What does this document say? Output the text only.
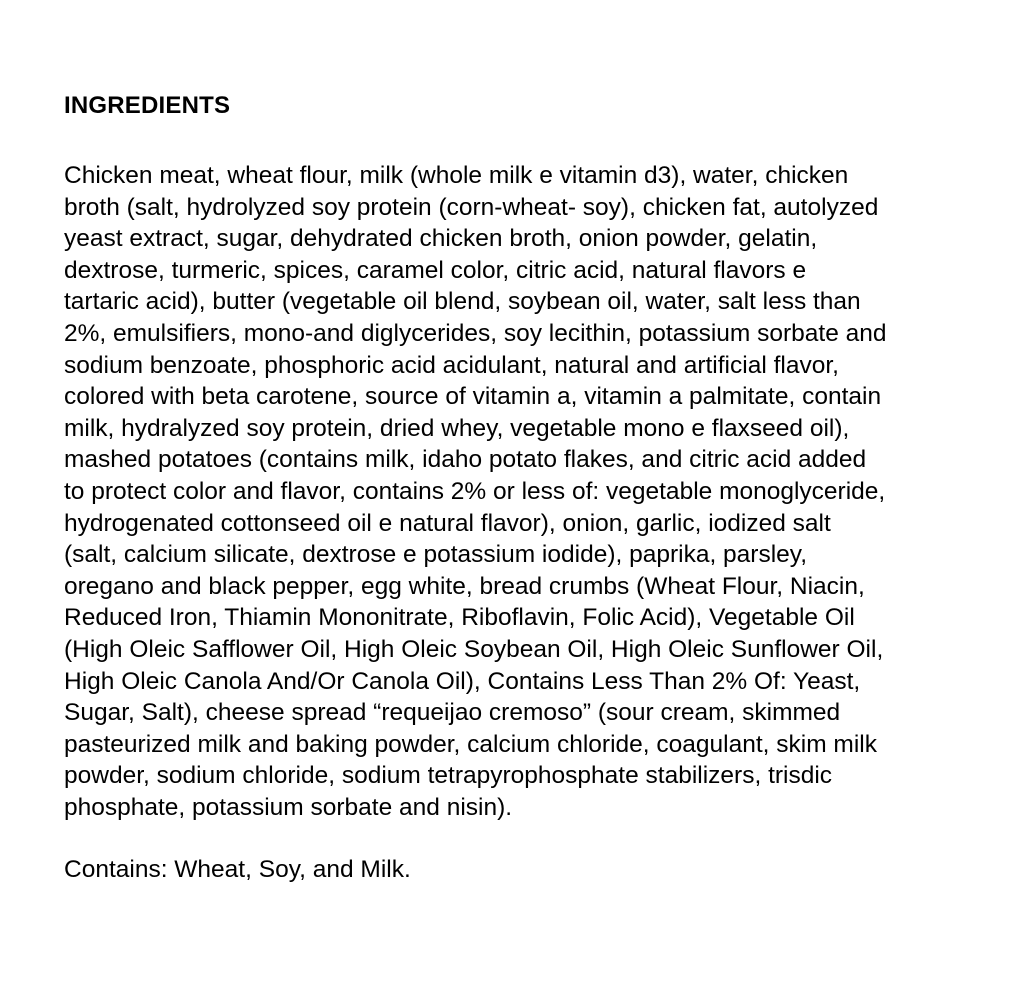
INGREDIENTS

Chicken meat, wheat flour, milk (whole milk e vitamin d3), water, chicken
broth (salt, hydrolyzed soy protein (corn-wheat- soy), chicken fat, autolyzed
yeast extract, sugar, dehydrated chicken broth, onion powder, gelatin,
dextrose, turmeric, spices, caramel color, citric acid, natural flavors e
tartaric acid), butter (vegetable oil blend, soybean oil, water, salt less than
2%, emulsifiers, mono-and diglycerides, soy lecithin, potassium sorbate and
sodium benzoate, phosphoric acid acidulant, natural and artificial flavor,
colored with beta carotene, source of vitamin a, vitamin a palmitate, contain
milk, hydralyzed soy protein, dried whey, vegetable mono e flaxseed oil),
mashed potatoes (contains milk, idaho potato flakes, and citric acid added
to protect color and flavor, contains 2% or less of: vegetable monoglyceride,
hydrogenated cottonseed oil e natural flavor), onion, garlic, iodized salt
(salt, calcium silicate, dextrose e potassium iodide), paprika, parsley,
oregano and black pepper, egg white, bread crumbs (Wheat Flour, Niacin,
Reduced Iron, Thiamin Mononitrate, Riboflavin, Folic Acid), Vegetable Oil
(High Oleic Safflower Oil, High Oleic Soybean Oil, High Oleic Sunflower Oil,
High Oleic Canola And/Or Canola Oil), Contains Less Than 2% Of: Yeast,
Sugar, Salt), cheese spread “requeijao cremoso” (sour cream, skimmed
pasteurized milk and baking powder, calcium chloride, coagulant, skim milk
powder, sodium chloride, sodium tetrapyrophosphate stabilizers, trisdic
phosphate, potassium sorbate and nisin).

Contains: Wheat, Soy, and Milk.
